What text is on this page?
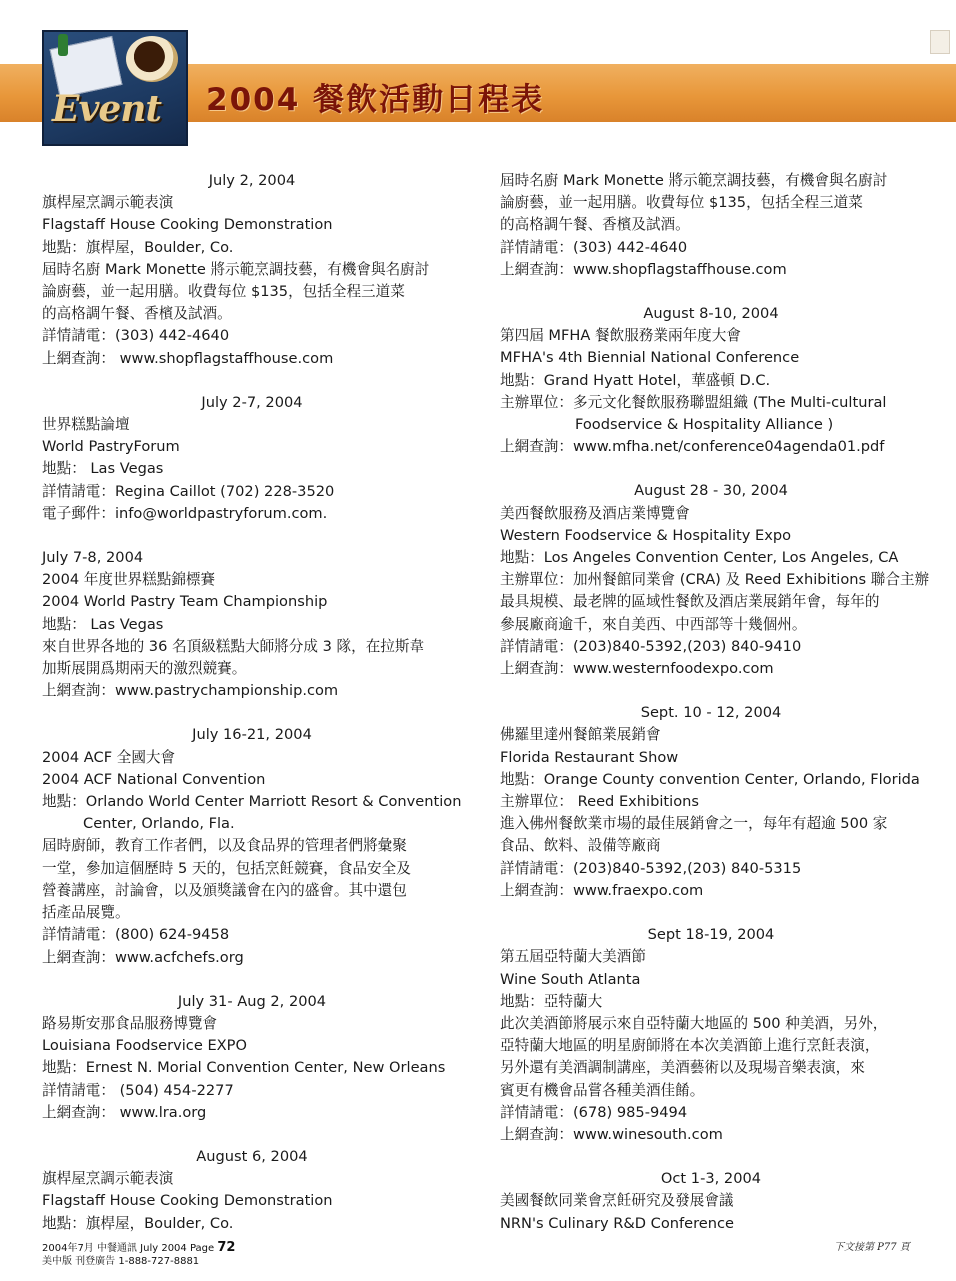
Event 2004 餐飲活動日程表
July 2, 2004
旗桿屋烹調示範表演
Flagstaff House Cooking Demonstration
地點：旗桿屋，Boulder, Co.
屆時名廚 Mark Monette 將示範烹調技藝，有機會與名廚討
論廚藝，並一起用膳。收費每位 $135，包括全程三道菜
的高格調午餐、香檳及試酒。
詳情請電：(303) 442-4640
上網查詢： www.shopflagstaffhouse.com
July 2-7, 2004
世界糕點論壇
World PastryForum
地點： Las Vegas
詳情請電：Regina Caillot (702) 228-3520
電子郵件：info@worldpastryforum.com.
July 7-8, 2004
2004 年度世界糕點錦標賽
2004 World Pastry Team Championship
地點： Las Vegas
來自世界各地的 36 名頂級糕點大師將分成 3 隊，在拉斯韋
加斯展開爲期兩天的激烈競賽。
上網查詢：www.pastrychampionship.com
July 16-21, 2004
2004 ACF 全國大會
2004 ACF National Convention
地點：Orlando World Center Marriott Resort & Convention
Center, Orlando, Fla.
屆時廚師，教育工作者們，以及食品界的管理者們將彙聚
一堂，參加這個歷時 5 天的，包括烹飪競賽，食品安全及
營養講座，討論會，以及頒獎議會在內的盛會。其中還包
括產品展覽。
詳情請電：(800) 624-9458
上網查詢：www.acfchefs.org
July 31- Aug 2, 2004
路易斯安那食品服務博覽會
Louisiana Foodservice EXPO
地點：Ernest N. Morial Convention Center, New Orleans
詳情請電： (504) 454-2277
上網查詢： www.lra.org
August 6, 2004
旗桿屋烹調示範表演
Flagstaff House Cooking Demonstration
地點：旗桿屋，Boulder, Co.
屆時名廚 Mark Monette 將示範烹調技藝，有機會與名廚討
論廚藝，並一起用膳。收費每位 $135，包括全程三道菜
的高格調午餐、香檳及試酒。
詳情請電：(303) 442-4640
上網查詢：www.shopflagstaffhouse.com
August 8-10, 2004
第四屆 MFHA 餐飲服務業兩年度大會
MFHA's 4th Biennial National Conference
地點：Grand Hyatt Hotel，華盛頓 D.C.
主辦單位：多元文化餐飲服務聯盟組織 (The Multi-cultural
Foodservice & Hospitality Alliance )
上網查詢：www.mfha.net/conference04agenda01.pdf
August 28 - 30, 2004
美西餐飲服務及酒店業博覽會
Western Foodservice & Hospitality Expo
地點：Los Angeles Convention Center, Los Angeles, CA
主辦單位：加州餐館同業會 (CRA) 及 Reed Exhibitions 聯合主辦
最具規模、最老牌的區域性餐飲及酒店業展銷年會，每年的
參展廠商逾千，來自美西、中西部等十幾個州。
詳情請電：(203)840-5392,(203) 840-9410
上網查詢：www.westernfoodexpo.com
Sept. 10 - 12, 2004
佛羅里達州餐館業展銷會
Florida Restaurant Show
地點：Orange County convention Center, Orlando, Florida
主辦單位： Reed Exhibitions
進入佛州餐飲業市場的最佳展銷會之一，每年有超逾 500 家
食品、飲料、設備等廠商
詳情請電：(203)840-5392,(203) 840-5315
上網查詢：www.fraexpo.com
Sept 18-19, 2004
第五屆亞特蘭大美酒節
Wine South Atlanta
地點：亞特蘭大
此次美酒節將展示來自亞特蘭大地區的 500 种美酒，另外，
亞特蘭大地區的明星廚師將在本次美酒節上進行烹飪表演，
另外還有美酒調制講座，美酒藝術以及現場音樂表演，來
賓更有機會品嘗各種美酒佳餚。
詳情請電：(678) 985-9494
上網查詢：www.winesouth.com
Oct 1-3, 2004
美國餐飲同業會烹飪研究及發展會議
NRN's Culinary R&D Conference
2004年7月 中餐通訊 July 2004 Page 72
美中版 刊登廣告 1-888-727-8881
下文接第 P77 頁
